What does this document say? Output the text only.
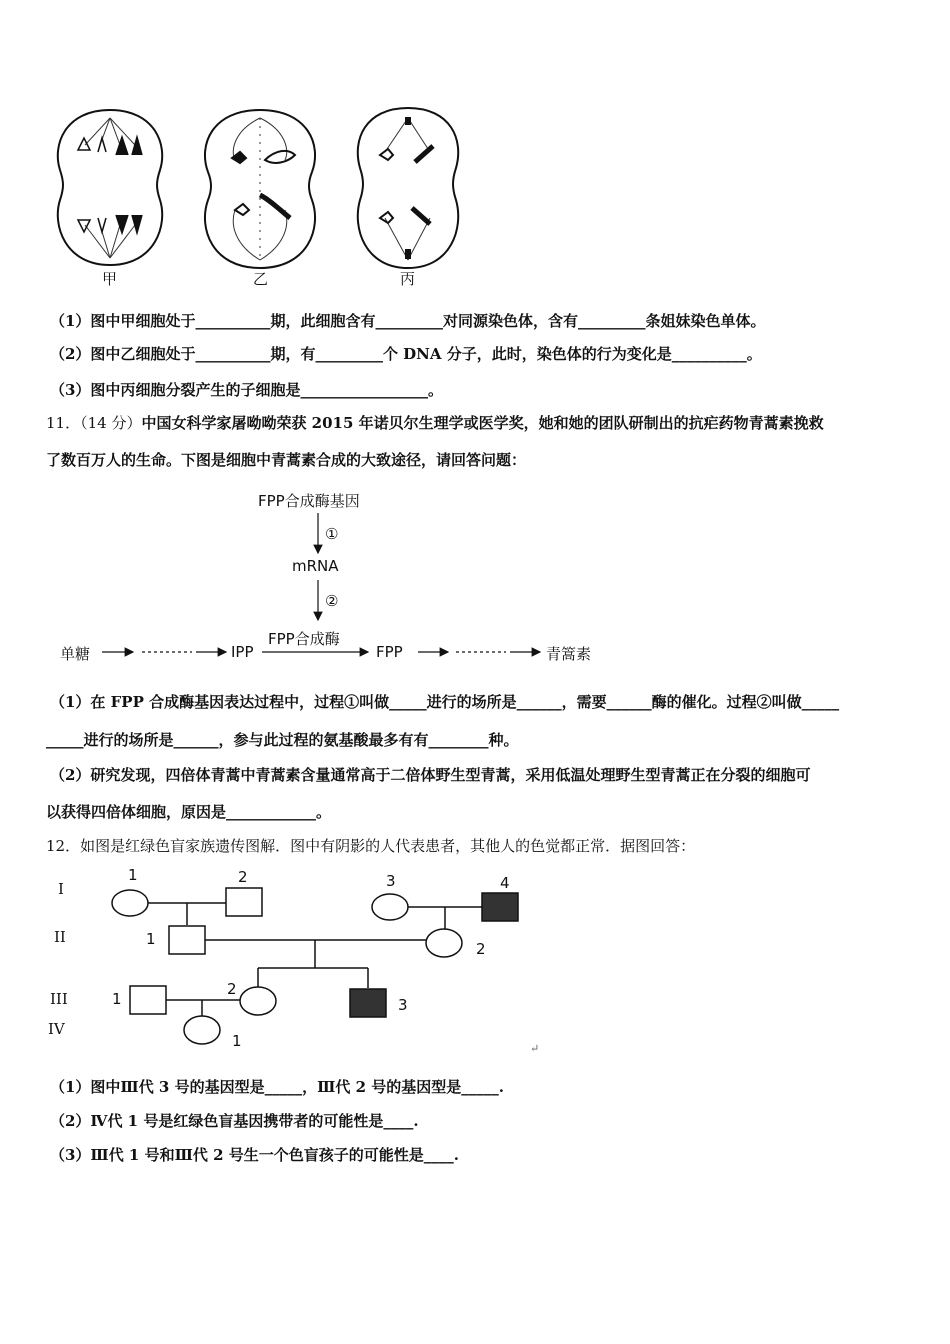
甲	乙	丙
（1）图中甲细胞处于__________期，此细胞含有_________对同源染色体，含有_________条姐妹染色单体。
（2）图中乙细胞处于__________期，有_________个 DNA 分子，此时，染色体的行为变化是__________。
（3）图中丙细胞分裂产生的子细胞是_________________。
11．（14 分）中国女科学家屠呦呦荣获 2015 年诺贝尔生理学或医学奖，她和她的团队研制出的抗疟药物青蒿素挽救
了数百万人的生命。下图是细胞中青蒿素合成的大致途径，请回答问题：
FPP合成酶基因
①
mRNA
②
FPP合成酶
单糖	IPP	FPP	青篙素
（1）在 FPP 合成酶基因表达过程中，过程①叫做_____进行的场所是______，需要______酶的催化。过程②叫做_____
_____进行的场所是______，参与此过程的氨基酸最多有有________种。
（2）研究发现，四倍体青蒿中青蒿素含量通常高于二倍体野生型青蒿，采用低温处理野生型青蒿正在分裂的细胞可
以获得四倍体细胞，原因是____________。
12．如图是红绿色盲家族遗传图解．图中有阴影的人代表患者，其他人的色觉都正常．据图回答：
↵
I
II
III
IV
1	2	3	4
1
2
1
2
3
1
（1）图中Ⅲ代 3 号的基因型是_____，Ⅲ代 2 号的基因型是_____.
（2）Ⅳ代 1 号是红绿色盲基因携带者的可能性是____.
（3）Ⅲ代 1 号和Ⅲ代 2 号生一个色盲孩子的可能性是____.
